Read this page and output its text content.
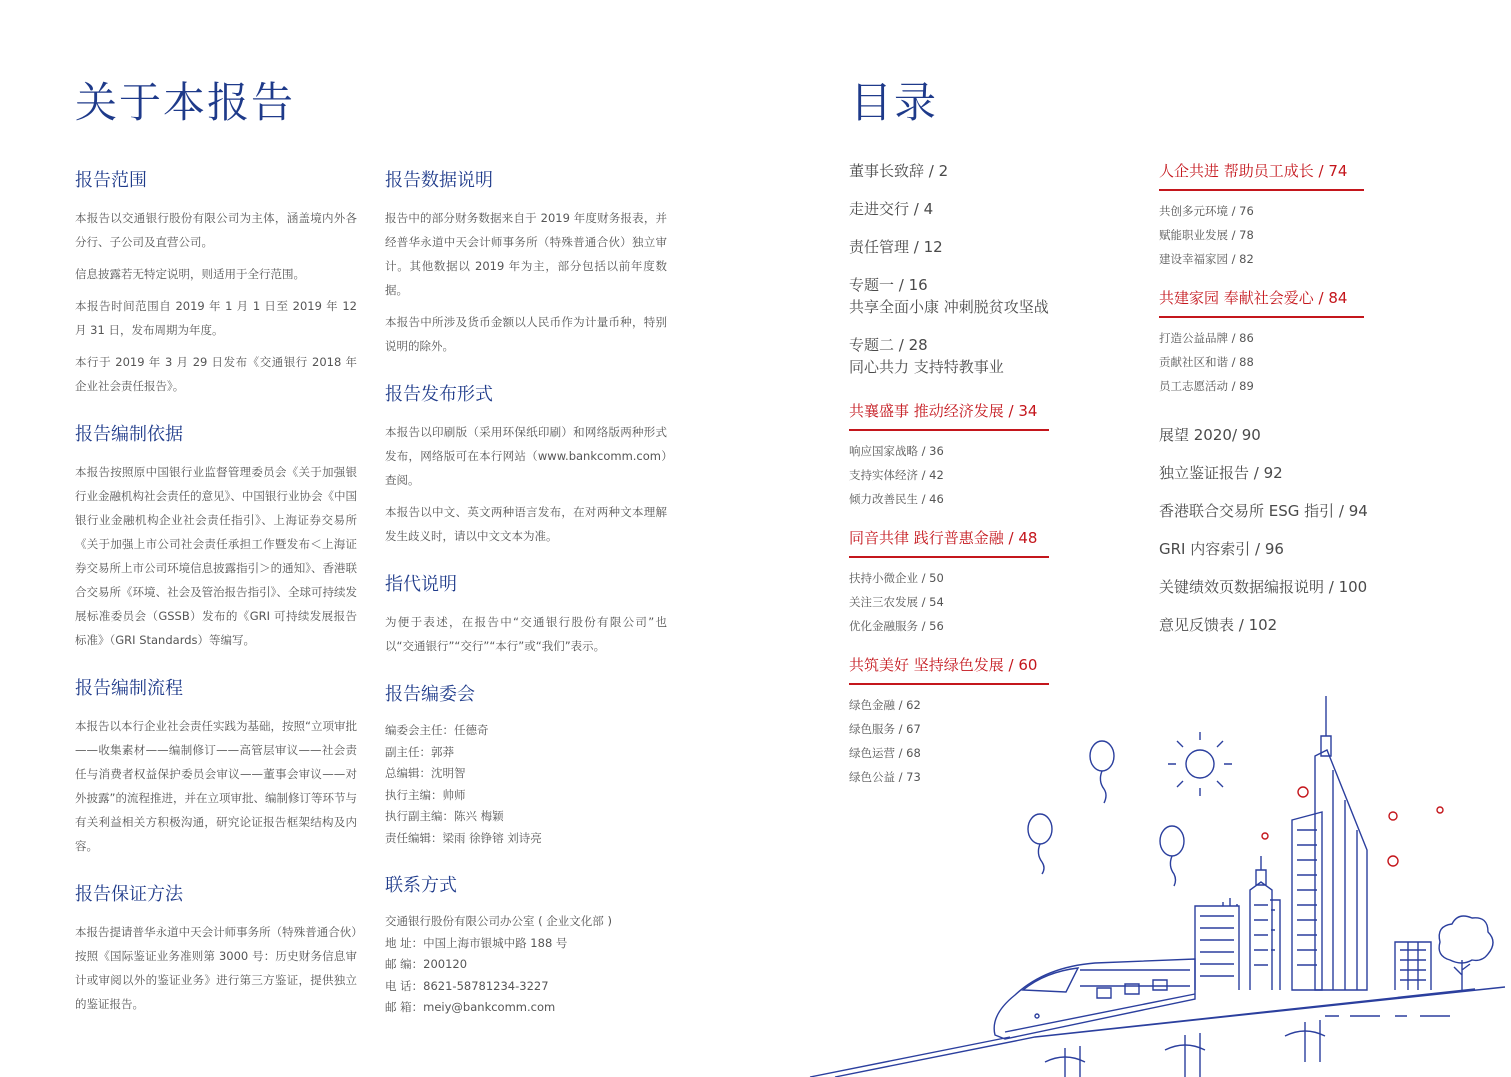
关于本报告	目录
报告范围

本报告以交通银行股份有限公司为主体，涵盖境内外各分行、子公司及直营公司。

信息披露若无特定说明，则适用于全行范围。

本报告时间范围自 2019 年 1 月 1 日至 2019 年 12 月 31 日，发布周期为年度。

本行于 2019 年 3 月 29 日发布《交通银行 2018 年企业社会责任报告》。

报告编制依据

本报告按照原中国银行业监督管理委员会《关于加强银行业金融机构社会责任的意见》、中国银行业协会《中国银行业金融机构企业社会责任指引》、上海证券交易所《关于加强上市公司社会责任承担工作暨发布＜上海证券交易所上市公司环境信息披露指引＞的通知》、香港联合交易所《环境、社会及管治报告指引》、全球可持续发展标准委员会（GSSB）发布的《GRI 可持续发展报告标准》（GRI Standards）等编写。

报告编制流程

本报告以本行企业社会责任实践为基础，按照“立项审批——收集素材——编制修订——高管层审议——社会责任与消费者权益保护委员会审议——董事会审议——对外披露”的流程推进，并在立项审批、编制修订等环节与有关利益相关方积极沟通，研究论证报告框架结构及内容。

报告保证方法

本报告提请普华永道中天会计师事务所（特殊普通合伙）按照《国际鉴证业务准则第 3000 号：历史财务信息审计或审阅以外的鉴证业务》进行第三方鉴证，提供独立的鉴证报告。

报告数据说明

报告中的部分财务数据来自于 2019 年度财务报表，并经普华永道中天会计师事务所（特殊普通合伙）独立审计。其他数据以 2019 年为主，部分包括以前年度数据。

本报告中所涉及货币金额以人民币作为计量币种，特别说明的除外。

报告发布形式

本报告以印刷版（采用环保纸印刷）和网络版两种形式发布，网络版可在本行网站（www.bankcomm.com）查阅。

本报告以中文、英文两种语言发布，在对两种文本理解发生歧义时，请以中文文本为准。

指代说明

为便于表述，在报告中“交通银行股份有限公司”也以“交通银行”“交行”“本行”或“我们”表示。

报告编委会

编委会主任：任德奇

副主任：郭莽

总编辑：沈明智

执行主编：帅师

执行副主编：陈兴 梅颖

责任编辑：梁雨 徐铮镕 刘诗亮

联系方式

交通银行股份有限公司办公室 ( 企业文化部 )

地 址：中国上海市银城中路 188 号

邮 编：200120

电 话：8621-58781234-3227

邮 箱：meiy@bankcomm.com

董事长致辞 / 2

走进交行 / 4

责任管理 / 12

专题一 / 16

共享全面小康 冲刺脱贫攻坚战

专题二 / 28

同心共力 支持特教事业

共襄盛事 推动经济发展 / 34

响应国家战略 / 36

支持实体经济 / 42

倾力改善民生 / 46

同音共律 践行普惠金融 / 48

扶持小微企业 / 50

关注三农发展 / 54

优化金融服务 / 56

共筑美好 坚持绿色发展 / 60

绿色金融 / 62

绿色服务 / 67

绿色运营 / 68

绿色公益 / 73

人企共进 帮助员工成长 / 74

共创多元环境 / 76

赋能职业发展 / 78

建设幸福家园 / 82

共建家园 奉献社会爱心 / 84

打造公益品牌 / 86

贡献社区和谐 / 88

员工志愿活动 / 89

展望 2020/ 90

独立鉴证报告 / 92

香港联合交易所 ESG 指引 / 94

GRI 内容索引 / 96

关键绩效页数据编报说明 / 100

意见反馈表 / 102
